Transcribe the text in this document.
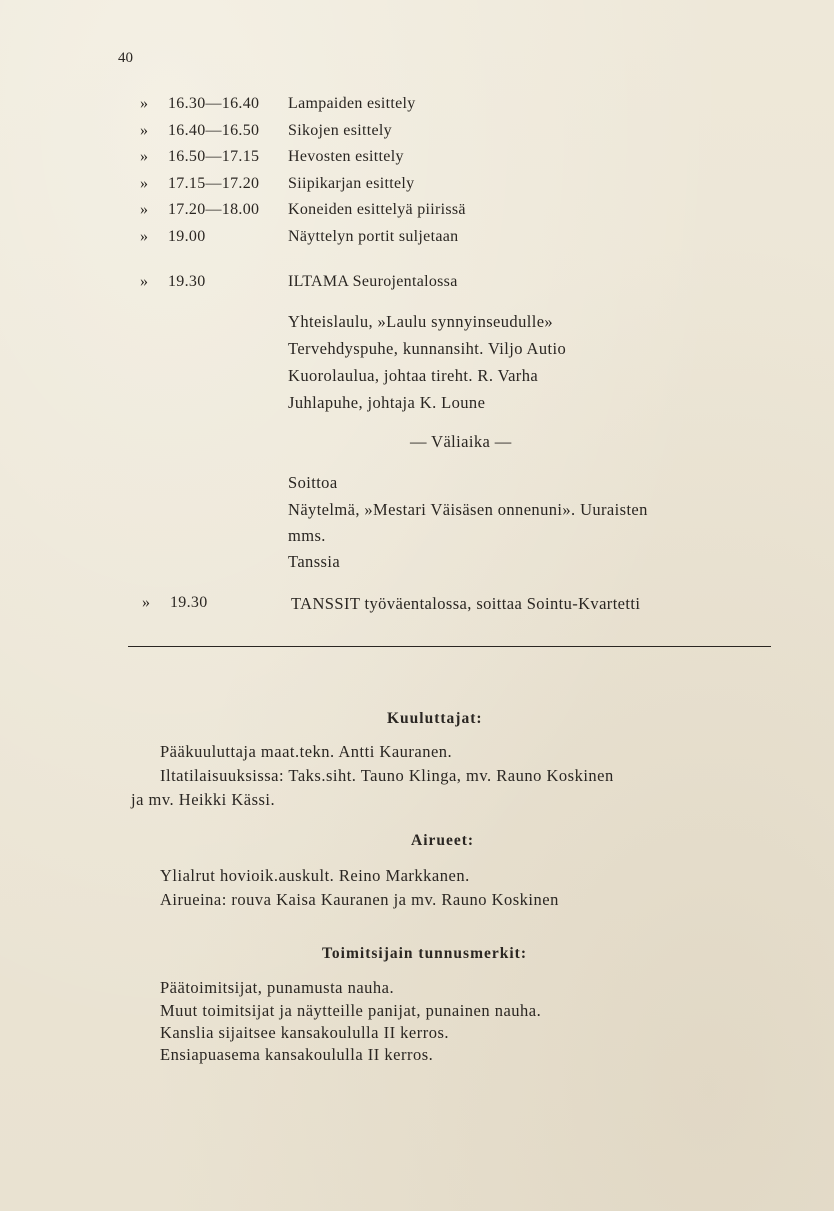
40
» 16.30—16.40 Lampaiden esittely
» 16.40—16.50 Sikojen esittely
» 16.50—17.15 Hevosten esittely
» 17.15—17.20 Siipikarjan esittely
» 17.20—18.00 Koneiden esittelyä piirissä
» 19.00	Näyttelyn portit suljetaan
» 19.30	ILTAMA Seurojentalossa
Yhteislaulu, »Laulu synnyinseudulle»
Tervehdyspuhe, kunnansiht. Viljo Autio
Kuorolaulua, johtaa tireht. R. Varha
Juhlapuhe, johtaja K. Loune
— Väliaika —
Soittoa
Näytelmä, »Mestari Väisäsen onnenuni». Uuraisten
mms.
Tanssia
» 19.30	TANSSIT työväentalossa, soittaa Sointu-Kvartetti
Kuuluttajat:
Pääkuuluttaja maat.tekn. Antti Kauranen.
Iltatilaisuuksissa: Taks.siht. Tauno Klinga, mv. Rauno Koskinen
ja mv. Heikki Kässi.
Airueet:
Ylialrut hovioik.auskult. Reino Markkanen.
Airueina: rouva Kaisa Kauranen ja mv. Rauno Koskinen
Toimitsijain tunnusmerkit:
Päätoimitsijat, punamusta nauha.
Muut toimitsijat ja näytteille panijat, punainen nauha.
Kanslia sijaitsee kansakoululla II kerros.
Ensiapuasema kansakoululla II kerros.
